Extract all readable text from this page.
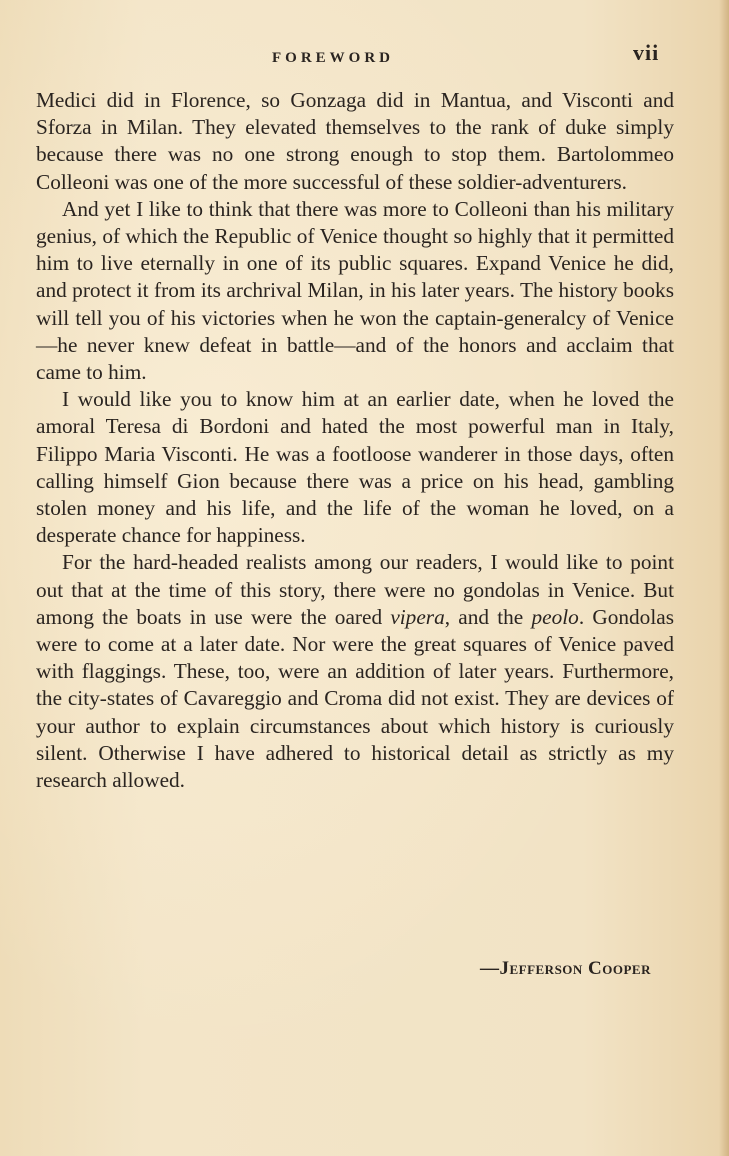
FOREWORD	vii

Medici did in Florence, so Gonzaga did in Mantua, and Visconti and Sforza in Milan. They elevated themselves to the rank of duke simply because there was no one strong enough to stop them. Bartolommeo Colleoni was one of the more successful of these soldier-adventurers.

And yet I like to think that there was more to Colleoni than his military genius, of which the Republic of Venice thought so highly that it permitted him to live eternally in one of its public squares. Expand Venice he did, and protect it from its archrival Milan, in his later years. The history books will tell you of his victories when he won the captain-generalcy of Venice—he never knew defeat in battle—and of the honors and acclaim that came to him.

I would like you to know him at an earlier date, when he loved the amoral Teresa di Bordoni and hated the most powerful man in Italy, Filippo Maria Visconti. He was a footloose wanderer in those days, often calling himself Gion because there was a price on his head, gambling stolen money and his life, and the life of the woman he loved, on a desperate chance for happiness.

For the hard-headed realists among our readers, I would like to point out that at the time of this story, there were no gondolas in Venice. But among the boats in use were the oared vipera, and the peolo. Gondolas were to come at a later date. Nor were the great squares of Venice paved with flaggings. These, too, were an addition of later years. Furthermore, the city-states of Cavareggio and Croma did not exist. They are devices of your author to explain circumstances about which history is curiously silent. Otherwise I have adhered to historical detail as strictly as my research allowed.

—Jefferson Cooper
